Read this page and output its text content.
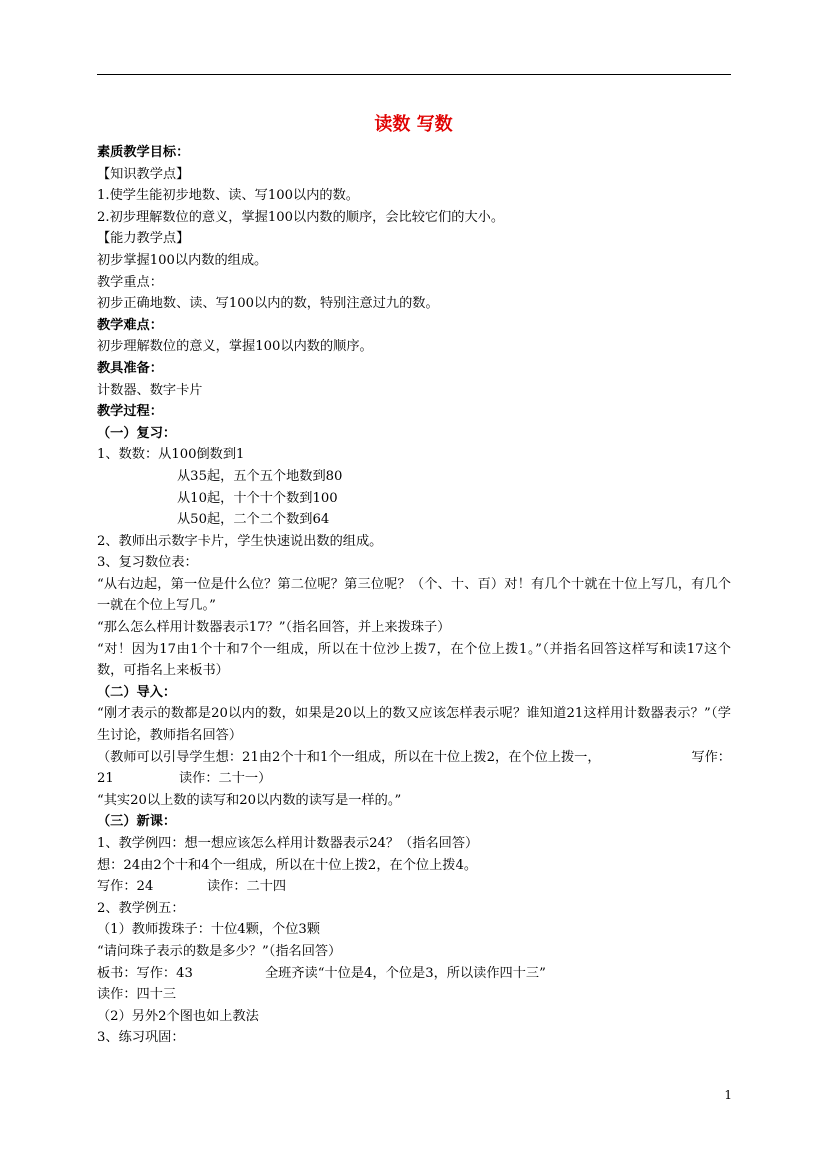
读数 写数
素质教学目标：
【知识教学点】
1.使学生能初步地数、读、写100以内的数。
2.初步理解数位的意义，掌握100以内数的顺序，会比较它们的大小。
【能力教学点】
初步掌握100以内数的组成。
教学重点：
初步正确地数、读、写100以内的数，特别注意过九的数。
教学难点：
初步理解数位的意义，掌握100以内数的顺序。
教具准备：
计数器、数字卡片
教学过程：
（一）复习：
1、数数：从100倒数到1
从35起，五个五个地数到80
从10起，十个十个数到100
从50起，二个二个数到64
2、教师出示数字卡片，学生快速说出数的组成。
3、复习数位表：
“从右边起，第一位是什么位？第二位呢？第三位呢？（个、十、百）对！有几个十就在十位上写几，有几个一就在个位上写几。”
“那么怎么样用计数器表示17？”（指名回答，并上来拨珠子）
“对！因为17由1个十和7个一组成，所以在十位沙上拨7，在个位上拨1。”（并指名回答这样写和读17这个数，可指名上来板书）
（二）导入：
“刚才表示的数都是20以内的数，如果是20以上的数又应该怎样表示呢？谁知道21这样用计数器表示？”（学生讨论，教师指名回答）
（教师可以引导学生想：21由2个十和1个一组成，所以在十位上拨2，在个位上拨一，	写作：
21	读作：二十一）
“其实20以上数的读写和20以内数的读写是一样的。”
（三）新课：
1、教学例四：想一想应该怎么样用计数器表示24？（指名回答）
想：24由2个十和4个一组成，所以在十位上拨2，在个位上拨4。
写作：24	读作：二十四
2、教学例五：
（1）教师拨珠子：十位4颗，个位3颗
“请问珠子表示的数是多少？”（指名回答）
板书：写作：43	全班齐读“十位是4，个位是3，所以读作四十三”
读作：四十三
（2）另外2个图也如上教法
3、练习巩固：
1
